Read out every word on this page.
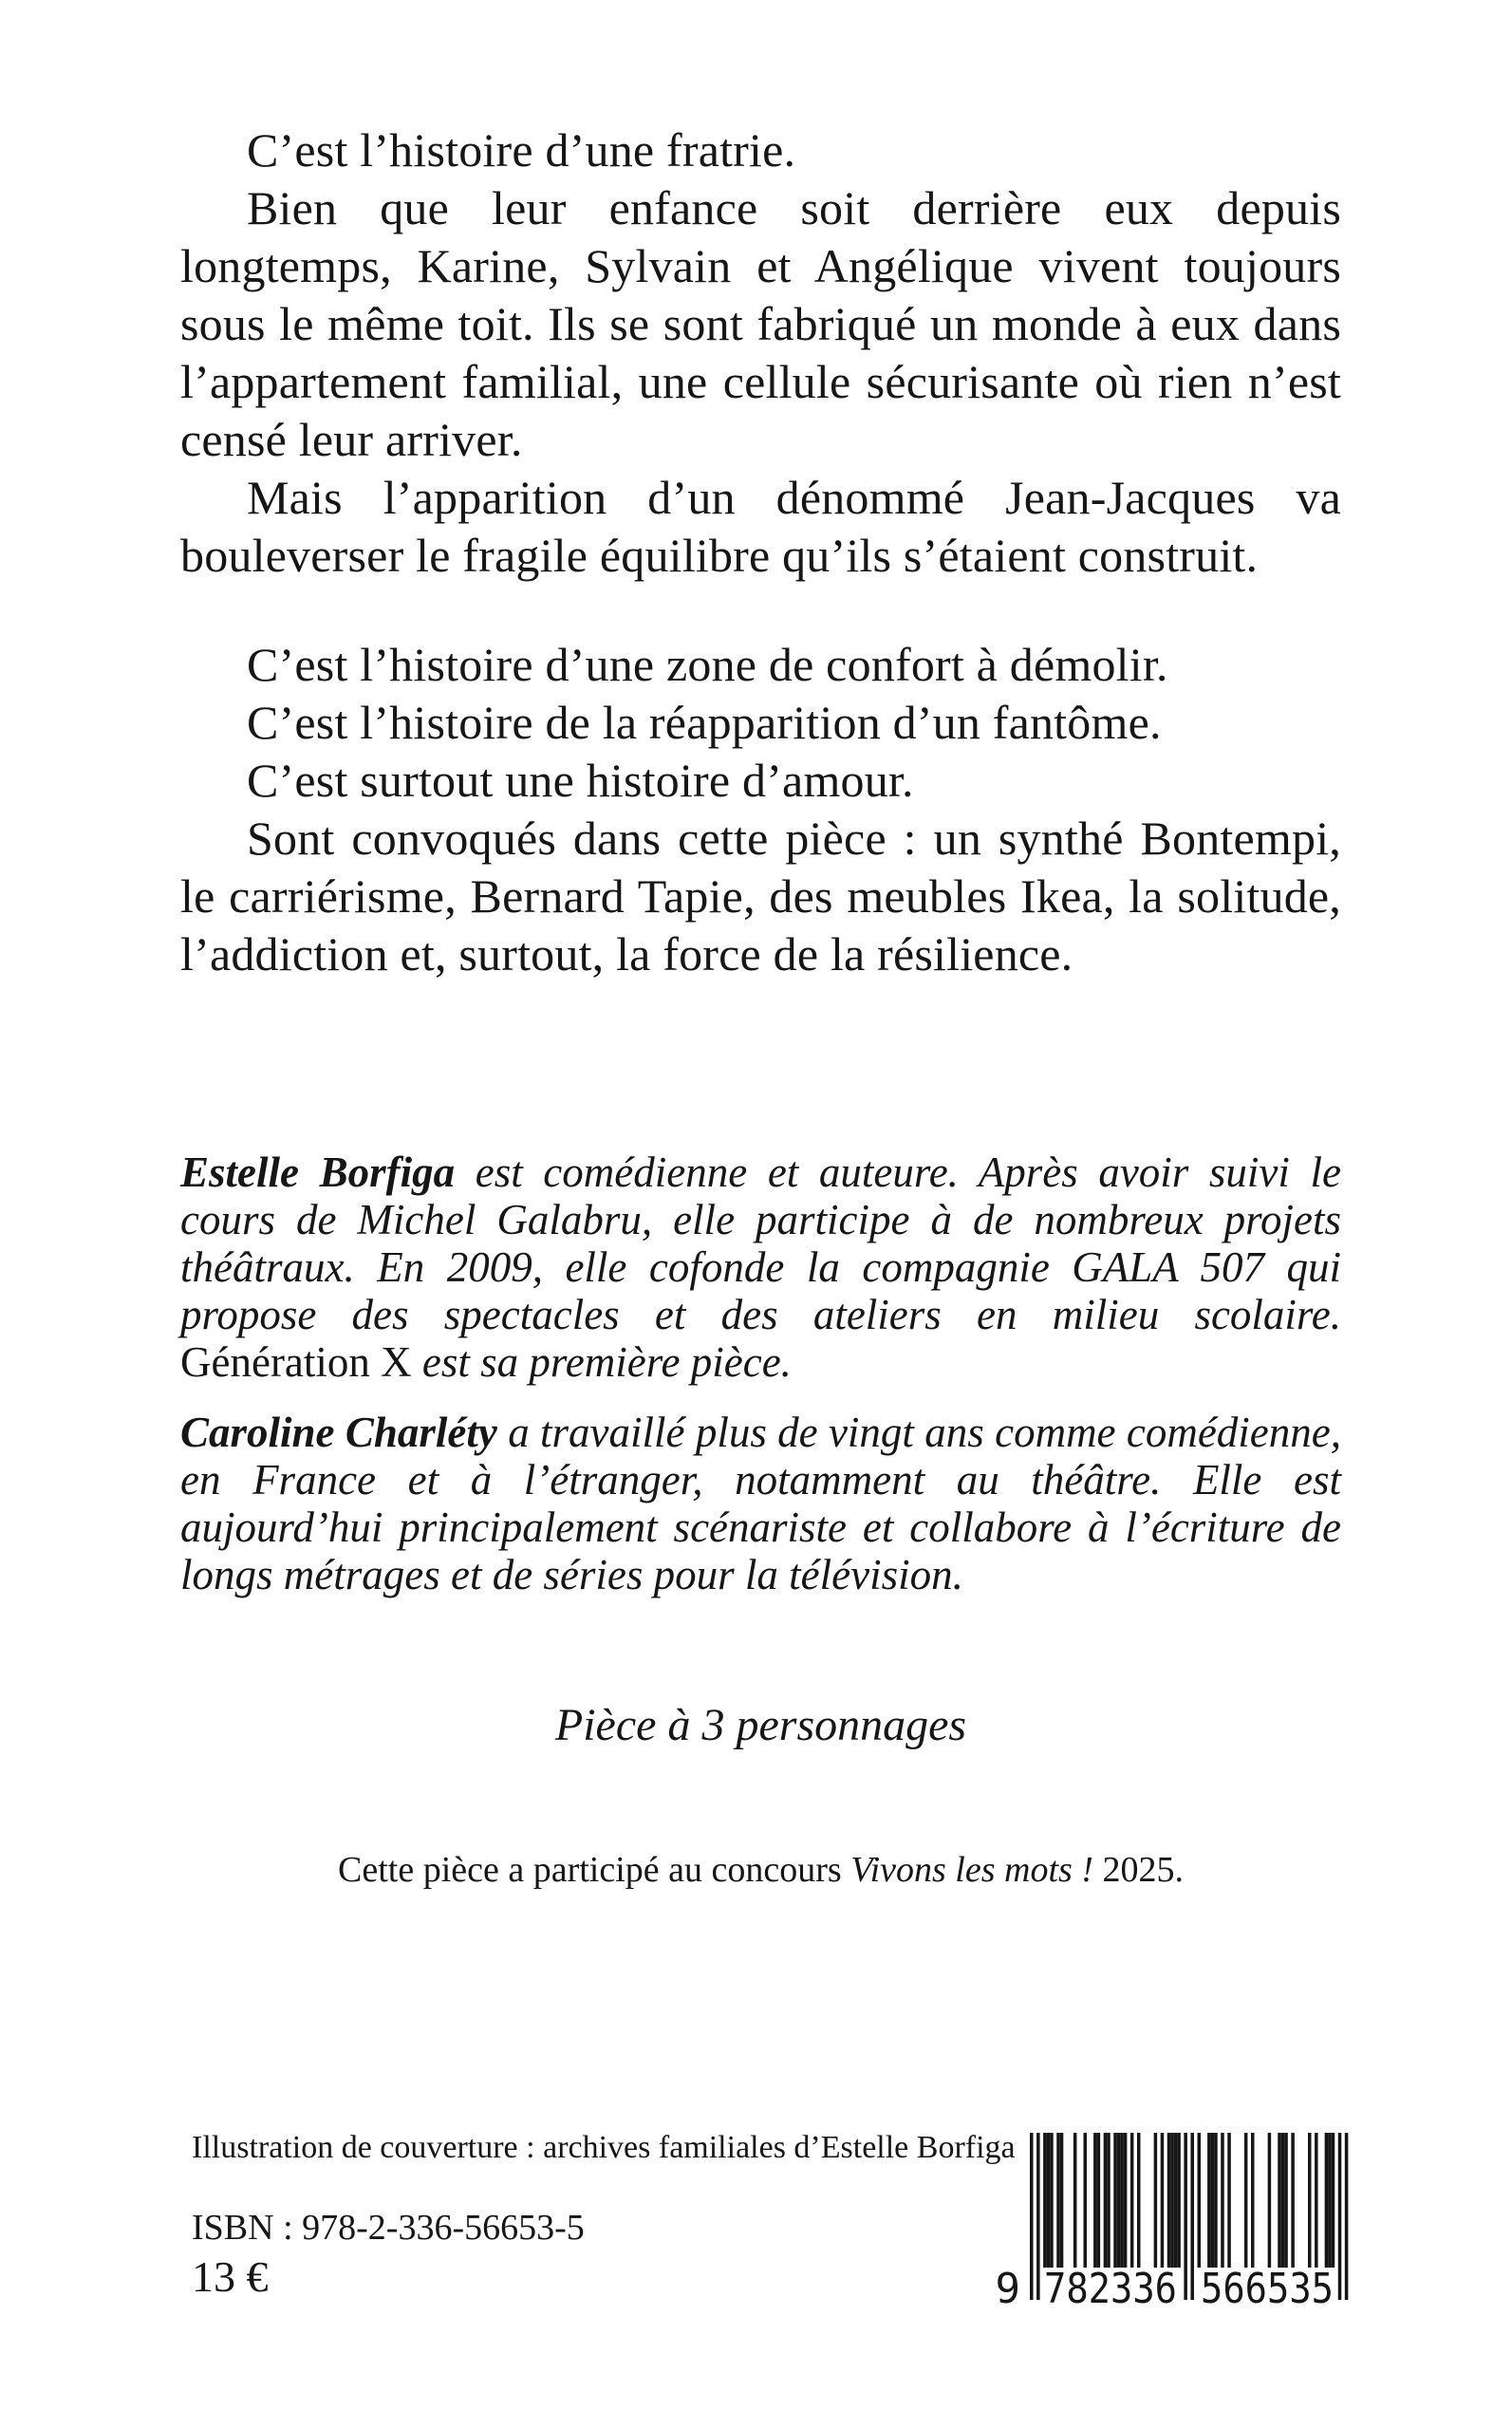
C’est l’histoire d’une fratrie.

Bien que leur enfance soit derrière eux depuis longtemps, Karine, Sylvain et Angélique vivent toujours sous le même toit. Ils se sont fabriqué un monde à eux dans l’appartement familial, une cellule sécurisante où rien n’est censé leur arriver.

Mais l’apparition d’un dénommé Jean-Jacques va bouleverser le fragile équilibre qu’ils s’étaient construit.

C’est l’histoire d’une zone de confort à démolir.

C’est l’histoire de la réapparition d’un fantôme.

C’est surtout une histoire d’amour.

Sont convoqués dans cette pièce : un synthé Bontempi, le carriérisme, Bernard Tapie, des meubles Ikea, la solitude, l’addiction et, surtout, la force de la résilience.

Estelle Borfiga est comédienne et auteure. Après avoir suivi le cours de Michel Galabru, elle participe à de nombreux projets théâtraux. En 2009, elle cofonde la compagnie GALA 507 qui propose des spectacles et des ateliers en milieu scolaire. Génération X est sa première pièce.

Caroline Charléty a travaillé plus de vingt ans comme comédienne, en France et à l’étranger, notamment au théâtre. Elle est aujourd’hui principalement scénariste et collabore à l’écriture de longs métrages et de séries pour la télévision.

Pièce à 3 personnages
Cette pièce a participé au concours Vivons les mots ! 2025.
Illustration de couverture : archives familiales d’Estelle Borfiga
ISBN : 978-2-336-56653-5
13 €	9 782336 566535
